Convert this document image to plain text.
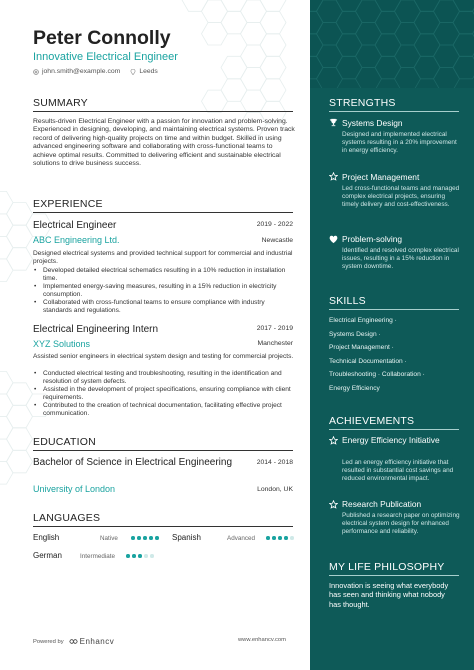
Peter Connolly
Innovative Electrical Engineer
john.smith@example.com	Leeds
SUMMARY
Results-driven Electrical Engineer with a passion for innovation and problem-solving. Experienced in designing, developing, and maintaining electrical systems. Proven track record of delivering high-quality projects on time and within budget. Skilled in using advanced engineering software and collaborating with cross-functional teams to achieve optimal results. Committed to delivering efficient and sustainable electrical solutions to drive business success.
EXPERIENCE
Electrical Engineer	2019 - 2022
ABC Engineering Ltd.	Newcastle
Designed electrical systems and provided technical support for commercial and industrial projects.
• Developed detailed electrical schematics resulting in a 10% reduction in installation time.
• Implemented energy-saving measures, resulting in a 15% reduction in electricity consumption.
• Collaborated with cross-functional teams to ensure compliance with industry standards and regulations.
Electrical Engineering Intern	2017 - 2019
XYZ Solutions	Manchester
Assisted senior engineers in electrical system design and testing for commercial projects.
• Conducted electrical testing and troubleshooting, resulting in the identification and resolution of system defects.
• Assisted in the development of project specifications, ensuring compliance with client requirements.
• Contributed to the creation of technical documentation, facilitating effective project communication.
EDUCATION
Bachelor of Science in Electrical Engineering	2014 - 2018
University of London	London, UK
LANGUAGES
English	Native	Spanish	Advanced
German	Intermediate
Powered by Enhancv	www.enhancv.com
STRENGTHS
Systems Design
Designed and implemented electrical systems resulting in a 20% improvement in energy efficiency.
Project Management
Led cross-functional teams and managed complex electrical projects, ensuring timely delivery and cost-effectiveness.
Problem-solving
Identified and resolved complex electrical issues, resulting in a 15% reduction in system downtime.
SKILLS
Electrical Engineering ·
Systems Design ·
Project Management ·
Technical Documentation ·
Troubleshooting · Collaboration ·
Energy Efficiency
ACHIEVEMENTS
Energy Efficiency Initiative
Led an energy efficiency initiative that resulted in substantial cost savings and reduced environmental impact.
Research Publication
Published a research paper on optimizing electrical system design for enhanced performance and reliability.
MY LIFE PHILOSOPHY
Innovation is seeing what everybody has seen and thinking what nobody has thought.
